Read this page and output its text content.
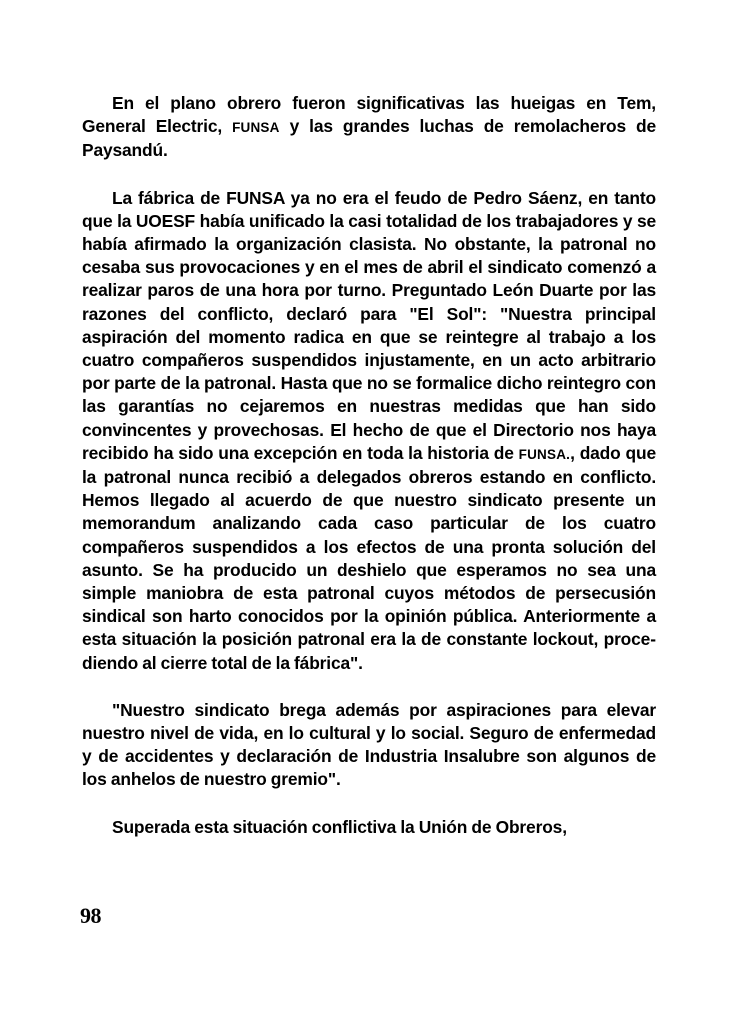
En el plano obrero fueron significativas las hueigas en Tem, General Electric, FUNSA y las grandes luchas de remolacheros de Paysandú.

La fábrica de FUNSA ya no era el feudo de Pedro Sáenz, en tanto que la UOESF había unificado la casi totalidad de los trabajadores y se había afirmado la organización clasista. No obstante, la patronal no cesaba sus provocaciones y en el mes de abril el sindicato comenzó a realizar paros de una hora por turno. Preguntado León Duarte por las razones del conflicto, declaró para "El Sol": "Nuestra principal aspiración del momento radica en que se reintegre al trabajo a los cuatro compañeros suspendidos injustamente, en un acto arbitrario por parte de la patronal. Hasta que no se formalice dicho reintegro con las garantías no cejaremos en nuestras medidas que han sido convincentes y provechosas. El hecho de que el Directorio nos haya recibido ha sido una excepción en toda la historia de FUNSA., dado que la patronal nunca recibió a delegados obreros estando en conflicto. Hemos llegado al acuerdo de que nuestro sindicato presente un memorandum analizando cada caso particular de los cuatro compañeros suspendidos a los efectos de una pronta solución del asunto. Se ha producido un deshielo que esperamos no sea una simple maniobra de esta patronal cuyos métodos de persecusión sindical son harto conocidos por la opinión pública. Anteriormente a esta situación la posición patronal era la de constante lockout, procediendo al cierre total de la fábrica".

"Nuestro sindicato brega además por aspiraciones para elevar nuestro nivel de vida, en lo cultural y lo social. Seguro de enfermedad y de accidentes y declaración de Industria Insalubre son algunos de los anhelos de nuestro gremio".

Superada esta situación conflictiva la Unión de Obreros,

98
